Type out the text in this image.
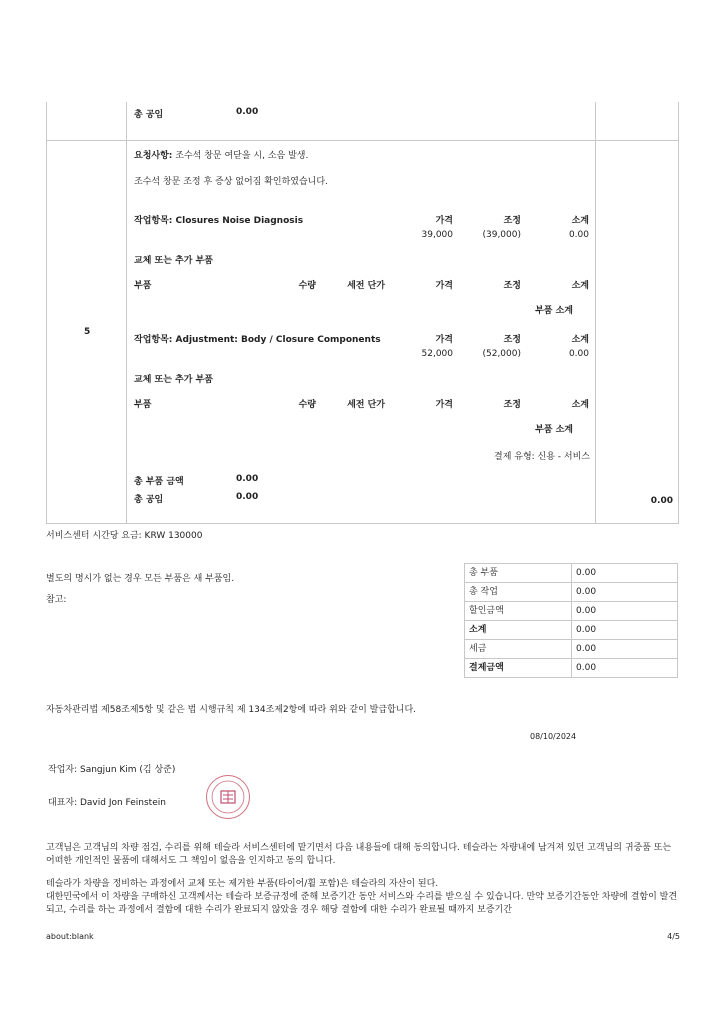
총 공임	0.00
5
요청사항: 조수석 창문 여닫을 시, 소음 발생.
조수석 창문 조정 후 증상 없어짐 확인하였습니다.
작업항목: Closures Noise Diagnosis	가격	조정	소계
39,000	(39,000)	0.00
교체 또는 추가 부품
부품	수량	세전 단가	가격	조정	소계
부품 소계
작업항목: Adjustment: Body / Closure Components	가격	조정	소계
52,000	(52,000)	0.00
교체 또는 추가 부품
부품	수량	세전 단가	가격	조정	소계
부품 소계
결제 유형: 신용 - 서비스
총 부품 금액	0.00
총 공임	0.00	0.00
서비스센터 시간당 요금: KRW 130000
별도의 명시가 없는 경우 모든 부품은 새 부품임.
참고:
총 부품	0.00
총 작업	0.00
할인금액	0.00
소계	0.00
세금	0.00
결제금액	0.00
자동차관리법 제58조제5항 및 같은 법 시행규칙 제 134조제2항에 따라 위와 같이 발급합니다.
08/10/2024
작업자: Sangjun Kim (김 상준)
대표자: David Jon Feinstein
고객님은 고객님의 차량 점검, 수리를 위해 테슬라 서비스센터에 맡기면서 다음 내용들에 대해 동의합니다. 테슬라는 차량내에 남겨져 있던 고객님의 귀중품 또는 어떠한 개인적인 물품에 대해서도 그 책임이 없음을 인지하고 동의 합니다.
테슬라가 차량을 정비하는 과정에서 교체 또는 제거한 부품(타이어/휠 포함)은 테슬라의 자산이 된다.
대한민국에서 이 차량을 구매하신 고객께서는 테슬라 보증규정에 준해 보증기간 동안 서비스와 수리를 받으실 수 있습니다. 만약 보증기간동안 차량에 결함이 발견되고, 수리를 하는 과정에서 결함에 대한 수리가 완료되지 않았을 경우 해당 결함에 대한 수리가 완료될 때까지 보증기간
about:blank	4/5
